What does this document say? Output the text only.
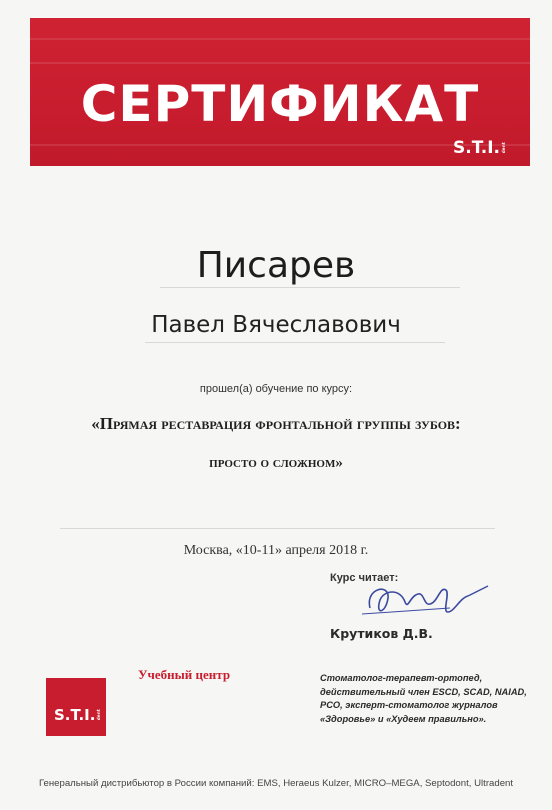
СЕРТИФИКАТ
S.T.I. dent
Писарев
Павел Вячеславович
прошел(а) обучение по курсу:
«Прямая реставрация фронтальной группы зубов:
просто о сложном»
Москва, «10-11» апреля 2018 г.
Курс читает:
Крутиков Д.В.
Учебный центр
S.T.I. dent
Стоматолог-терапевт-ортопед, действительный член ESCD, SCAD, NAIAD, PCO, эксперт-стоматолог журналов «Здоровье» и «Худеем правильно».
Генеральный дистрибьютор в России компаний: EMS, Heraeus Kulzer, MICRO–MEGA, Septodont, Ultradent
